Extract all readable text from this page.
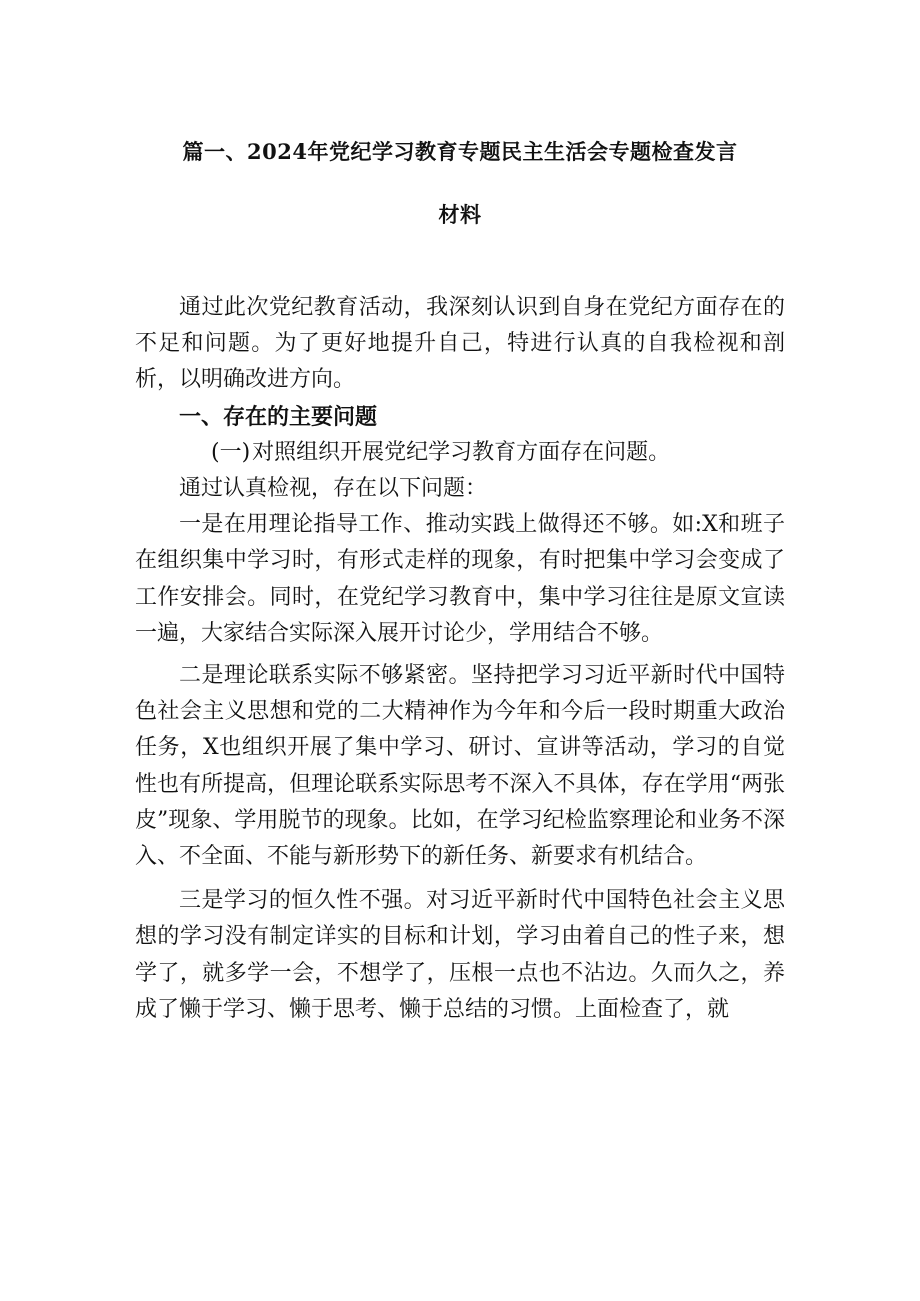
篇一、2024年党纪学习教育专题民主生活会专题检查发言
材料

通过此次党纪教育活动，我深刻认识到自身在党纪方面存在的不足和问题。为了更好地提升自己，特进行认真的自我检视和剖析，以明确改进方向。

一、存在的主要问题

(一)对照组织开展党纪学习教育方面存在问题。

通过认真检视，存在以下问题：

一是在用理论指导工作、推动实践上做得还不够。如:X和班子在组织集中学习时，有形式走样的现象，有时把集中学习会变成了工作安排会。同时，在党纪学习教育中，集中学习往往是原文宣读一遍，大家结合实际深入展开讨论少，学用结合不够。

二是理论联系实际不够紧密。坚持把学习习近平新时代中国特色社会主义思想和党的二大精神作为今年和今后一段时期重大政治任务，X也组织开展了集中学习、研讨、宣讲等活动，学习的自觉性也有所提高，但理论联系实际思考不深入不具体，存在学用“两张皮”现象、学用脱节的现象。比如，在学习纪检监察理论和业务不深入、不全面、不能与新形势下的新任务、新要求有机结合。

三是学习的恒久性不强。对习近平新时代中国特色社会主义思想的学习没有制定详实的目标和计划，学习由着自己的性子来，想学了，就多学一会，不想学了，压根一点也不沾边。久而久之，养成了懒于学习、懒于思考、懒于总结的习惯。上面检查了，就
